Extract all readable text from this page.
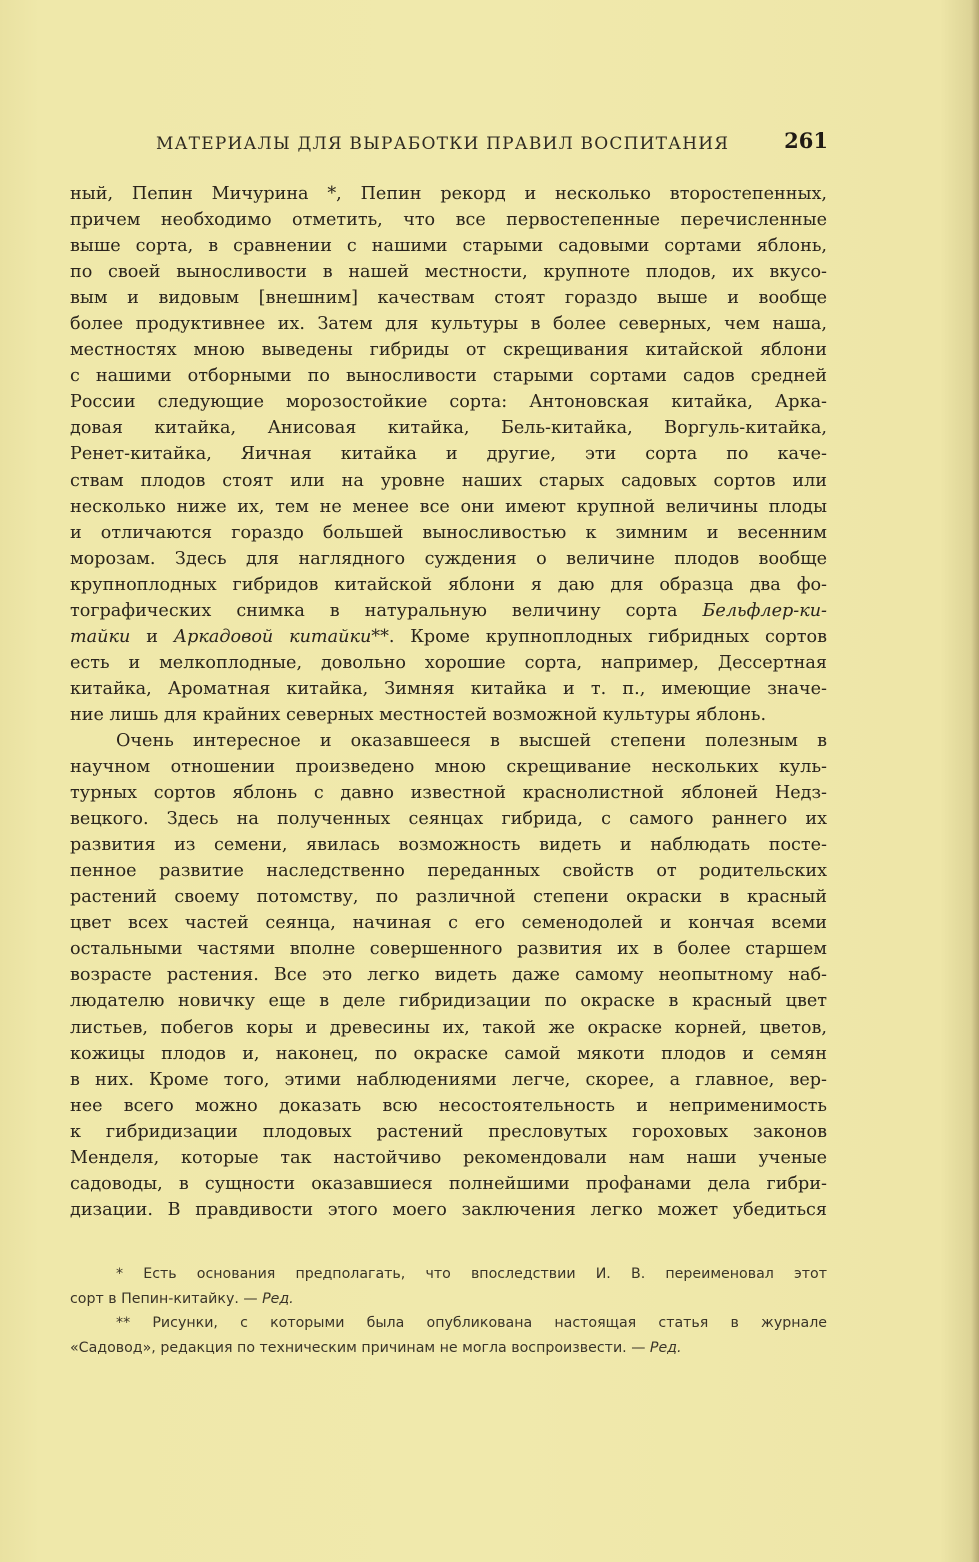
МАТЕРИАЛЫ ДЛЯ ВЫРАБОТКИ ПРАВИЛ ВОСПИТАНИЯ	261
ный, Пепин Мичурина *, Пепин рекорд и несколько второстепенных,
причем необходимо отметить, что все первостепенные перечисленные
выше сорта, в сравнении с нашими старыми садовыми сортами яблонь,
по своей выносливости в нашей местности, крупноте плодов, их вкусо-
вым и видовым [внешним] качествам стоят гораздо выше и вообще
более продуктивнее их. Затем для культуры в более северных, чем наша,
местностях мною выведены гибриды от скрещивания китайской яблони
с нашими отборными по выносливости старыми сортами садов средней
России следующие морозостойкие сорта: Антоновская китайка, Арка-
довая китайка, Анисовая китайка, Бель-китайка, Воргуль-китайка,
Ренет-китайка, Яичная китайка и другие, эти сорта по каче-
ствам плодов стоят или на уровне наших старых садовых сортов или
несколько ниже их, тем не менее все они имеют крупной величины плоды
и отличаются гораздо большей выносливостью к зимним и весенним
морозам. Здесь для наглядного суждения о величине плодов вообще
крупноплодных гибридов китайской яблони я даю для образца два фо-
тографических снимка в натуральную величину сорта Бельфлер-ки-
тайки и Аркадовой китайки**. Кроме крупноплодных гибридных сортов
есть и мелкоплодные, довольно хорошие сорта, например, Дессертная
китайка, Ароматная китайка, Зимняя китайка и т. п., имеющие значе-
ние лишь для крайних северных местностей возможной культуры яблонь.
Очень интересное и оказавшееся в высшей степени полезным в
научном отношении произведено мною скрещивание нескольких куль-
турных сортов яблонь с давно известной краснолистной яблоней Недз-
вецкого. Здесь на полученных сеянцах гибрида, с самого раннего их
развития из семени, явилась возможность видеть и наблюдать посте-
пенное развитие наследственно переданных свойств от родительских
растений своему потомству, по различной степени окраски в красный
цвет всех частей сеянца, начиная с его семенодолей и кончая всеми
остальными частями вполне совершенного развития их в более старшем
возрасте растения. Все это легко видеть даже самому неопытному наб-
людателю новичку еще в деле гибридизации по окраске в красный цвет
листьев, побегов коры и древесины их, такой же окраске корней, цветов,
кожицы плодов и, наконец, по окраске самой мякоти плодов и семян
в них. Кроме того, этими наблюдениями легче, скорее, а главное, вер-
нее всего можно доказать всю несостоятельность и неприменимость
к гибридизации плодовых растений пресловутых гороховых законов
Менделя, которые так настойчиво рекомендовали нам наши ученые
садоводы, в сущности оказавшиеся полнейшими профанами дела гибри-
дизации. В правдивости этого моего заключения легко может убедиться
* Есть основания предполагать, что впоследствии И. В. переименовал этот
сорт в Пепин-китайку. — Ред.
** Рисунки, с которыми была опубликована настоящая статья в журнале
«Садовод», редакция по техническим причинам не могла воспроизвести. — Ред.
